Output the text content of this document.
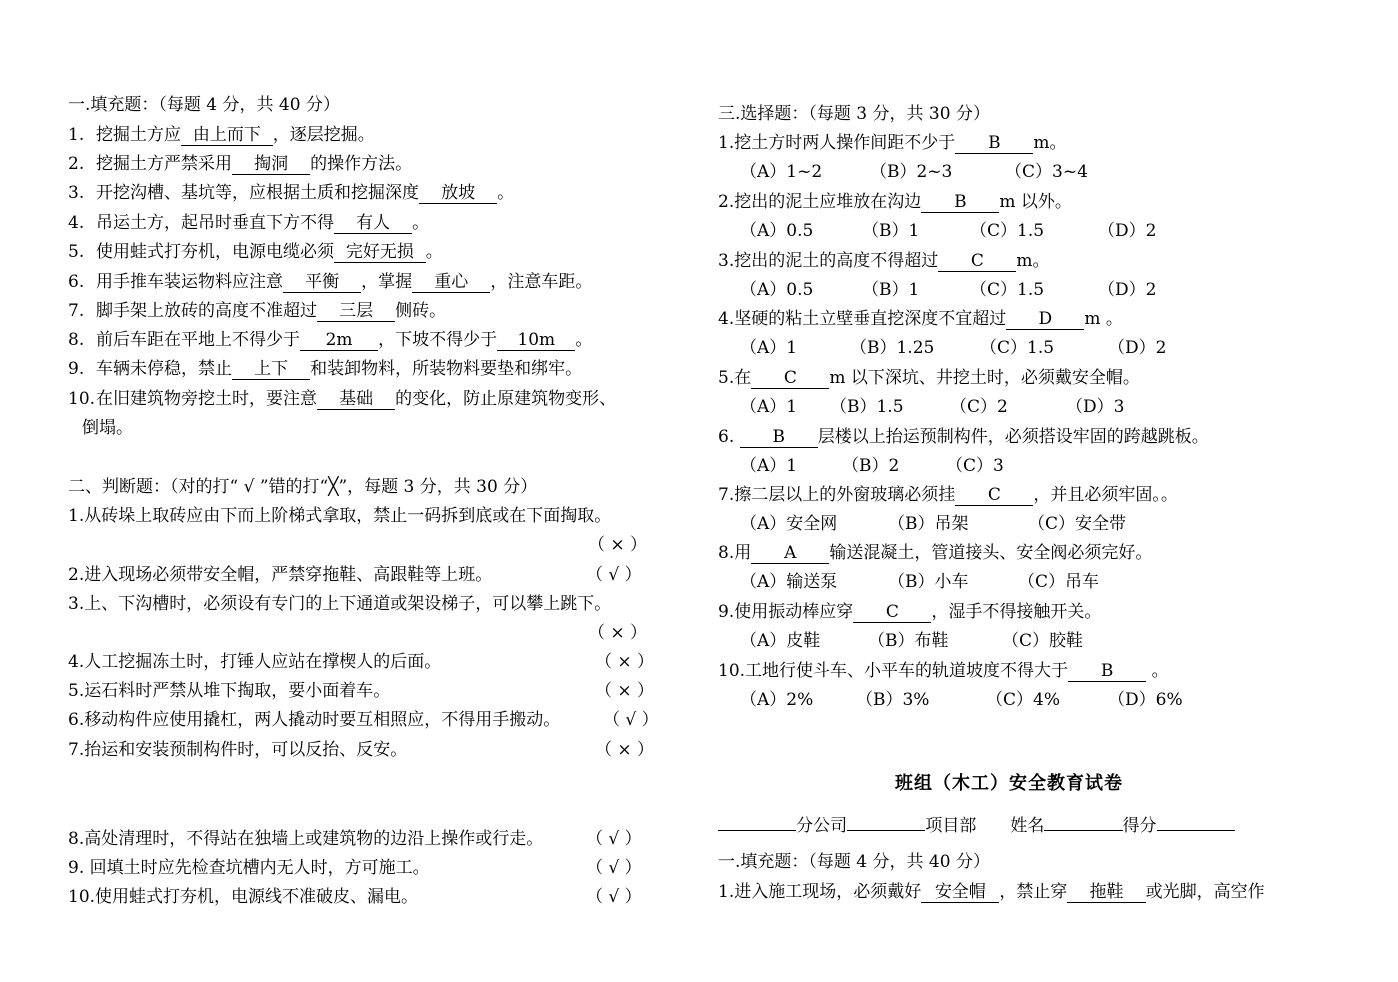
一.填充题：（每题 4 分，共 40 分）
1. 挖掘土方应 由上而下 ，逐层挖掘。
2. 挖掘土方严禁采用 掏洞 的操作方法。
3. 开挖沟槽、基坑等，应根据土质和挖掘深度 放坡 。
4. 吊运土方，起吊时垂直下方不得 有人 。
5. 使用蛙式打夯机，电源电缆必须 完好无损 。
6. 用手推车装运物料应注意 平衡 ，掌握 重心 ，注意车距。
7. 脚手架上放砖的高度不准超过 三层 侧砖。
8. 前后车距在平地上不得少于 2m ，下坡不得少于 10m 。
9. 车辆未停稳，禁止 上下 和装卸物料，所装物料要垫和绑牢。
10.在旧建筑物旁挖土时，要注意 基础 的变化，防止原建筑物变形、
倒塌。
二、判断题：（对的打“ √ ”错的打“╳”，每题 3 分，共 30 分）
1.从砖垛上取砖应由下而上阶梯式拿取，禁止一码拆到底或在下面掏取。
（ × ）
2.进入现场必须带安全帽，严禁穿拖鞋、高跟鞋等上班。	（ √ ）
3.上、下沟槽时，必须设有专门的上下通道或架设梯子，可以攀上跳下。
（ × ）
4.人工挖掘冻土时，打锤人应站在撑楔人的后面。	（ × ）
5.运石料时严禁从堆下掏取，要小面着车。	（ × ）
6.移动构件应使用撬杠，两人撬动时要互相照应，不得用手搬动。	（ √ ）
7.抬运和安装预制构件时，可以反抬、反安。	（ × ）
8.高处清理时，不得站在独墙上或建筑物的边沿上操作或行走。	（ √ ）
9. 回填土时应先检查坑槽内无人时，方可施工。	（ √ ）
10.使用蛙式打夯机，电源线不准破皮、漏电。	（ √ ）
三.选择题：（每题 3 分，共 30 分）
1.挖土方时两人操作间距不少于 B m。
（A）1~2	（B）2~3	（C）3~4
2.挖出的泥土应堆放在沟边 B m 以外。
（A）0.5	（B）1	（C）1.5	（D）2
3.挖出的泥土的高度不得超过 C m。
（A）0.5	（B）1	（C）1.5	（D）2
4.坚硬的粘土立壁垂直挖深度不宜超过 D m 。
（A）1	（B）1.25	（C）1.5	（D）2
5.在 C m 以下深坑、井挖土时，必须戴安全帽。
（A）1 （B）1.5	（C）2	（D）3
6. B 层楼以上抬运预制构件，必须搭设牢固的跨越跳板。
（A）1	（B）2	（C）3
7.擦二层以上的外窗玻璃必须挂 C ，并且必须牢固。。
（A）安全网	（B）吊架	（C）安全带
8.用 A 输送混凝土，管道接头、安全阀必须完好。
（A）输送泵	（B）小车	（C）吊车
9.使用振动棒应穿 C ，湿手不得接触开关。
（A）皮鞋	（B）布鞋	（C）胶鞋
10.工地行使斗车、小平车的轨道坡度不得大于 B 。
（A）2%	（B）3%	（C）4%	（D）6%
班组（木工）安全教育试卷
分公司	项目部　　姓名	得分
一.填充题：（每题 4 分，共 40 分）
1.进入施工现场，必须戴好 安全帽 ，禁止穿 拖鞋 或光脚，高空作
